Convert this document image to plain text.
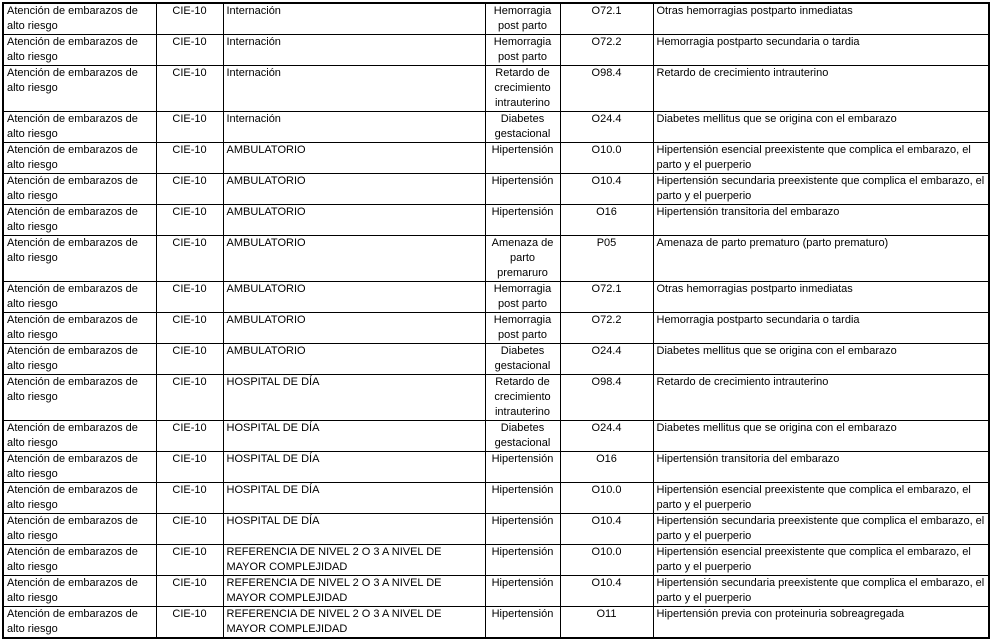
Atención de embarazos de alto riesgo	CIE-10	Internación	Hemorragia post parto	O72.1	Otras hemorragias postparto inmediatas
Atención de embarazos de alto riesgo	CIE-10	Internación	Hemorragia post parto	O72.2	Hemorragia postparto secundaria o tardia
Atención de embarazos de alto riesgo	CIE-10	Internación	Retardo de crecimiento intrauterino	O98.4	Retardo de crecimiento intrauterino
Atención de embarazos de alto riesgo	CIE-10	Internación	Diabetes gestacional	O24.4	Diabetes mellitus que se origina con el embarazo
Atención de embarazos de alto riesgo	CIE-10	AMBULATORIO	Hipertensión	O10.0	Hipertensión esencial preexistente que complica el embarazo, el parto y el puerperio
Atención de embarazos de alto riesgo	CIE-10	AMBULATORIO	Hipertensión	O10.4	Hipertensión secundaria preexistente que complica el embarazo, el parto y el puerperio
Atención de embarazos de alto riesgo	CIE-10	AMBULATORIO	Hipertensión	O16	Hipertensión transitoria del embarazo
Atención de embarazos de alto riesgo	CIE-10	AMBULATORIO	Amenaza de parto premaruro	P05	Amenaza de parto prematuro (parto prematuro)
Atención de embarazos de alto riesgo	CIE-10	AMBULATORIO	Hemorragia post parto	O72.1	Otras hemorragias postparto inmediatas
Atención de embarazos de alto riesgo	CIE-10	AMBULATORIO	Hemorragia post parto	O72.2	Hemorragia postparto secundaria o tardia
Atención de embarazos de alto riesgo	CIE-10	AMBULATORIO	Diabetes gestacional	O24.4	Diabetes mellitus que se origina con el embarazo
Atención de embarazos de alto riesgo	CIE-10	HOSPITAL DE DÍA	Retardo de crecimiento intrauterino	O98.4	Retardo de crecimiento intrauterino
Atención de embarazos de alto riesgo	CIE-10	HOSPITAL DE DÍA	Diabetes gestacional	O24.4	Diabetes mellitus que se origina con el embarazo
Atención de embarazos de alto riesgo	CIE-10	HOSPITAL DE DÍA	Hipertensión	O16	Hipertensión transitoria del embarazo
Atención de embarazos de alto riesgo	CIE-10	HOSPITAL DE DÍA	Hipertensión	O10.0	Hipertensión esencial preexistente que complica el embarazo, el parto y el puerperio
Atención de embarazos de alto riesgo	CIE-10	HOSPITAL DE DÍA	Hipertensión	O10.4	Hipertensión secundaria preexistente que complica el embarazo, el parto y el puerperio
Atención de embarazos de alto riesgo	CIE-10	REFERENCIA DE NIVEL 2 O 3 A NIVEL DE MAYOR COMPLEJIDAD	Hipertensión	O10.0	Hipertensión esencial preexistente que complica el embarazo, el parto y el puerperio
Atención de embarazos de alto riesgo	CIE-10	REFERENCIA DE NIVEL 2 O 3 A NIVEL DE MAYOR COMPLEJIDAD	Hipertensión	O10.4	Hipertensión secundaria preexistente que complica el embarazo, el parto y el puerperio
Atención de embarazos de alto riesgo	CIE-10	REFERENCIA DE NIVEL 2 O 3 A NIVEL DE MAYOR COMPLEJIDAD	Hipertensión	O11	Hipertensión previa con proteinuria sobreagregada
